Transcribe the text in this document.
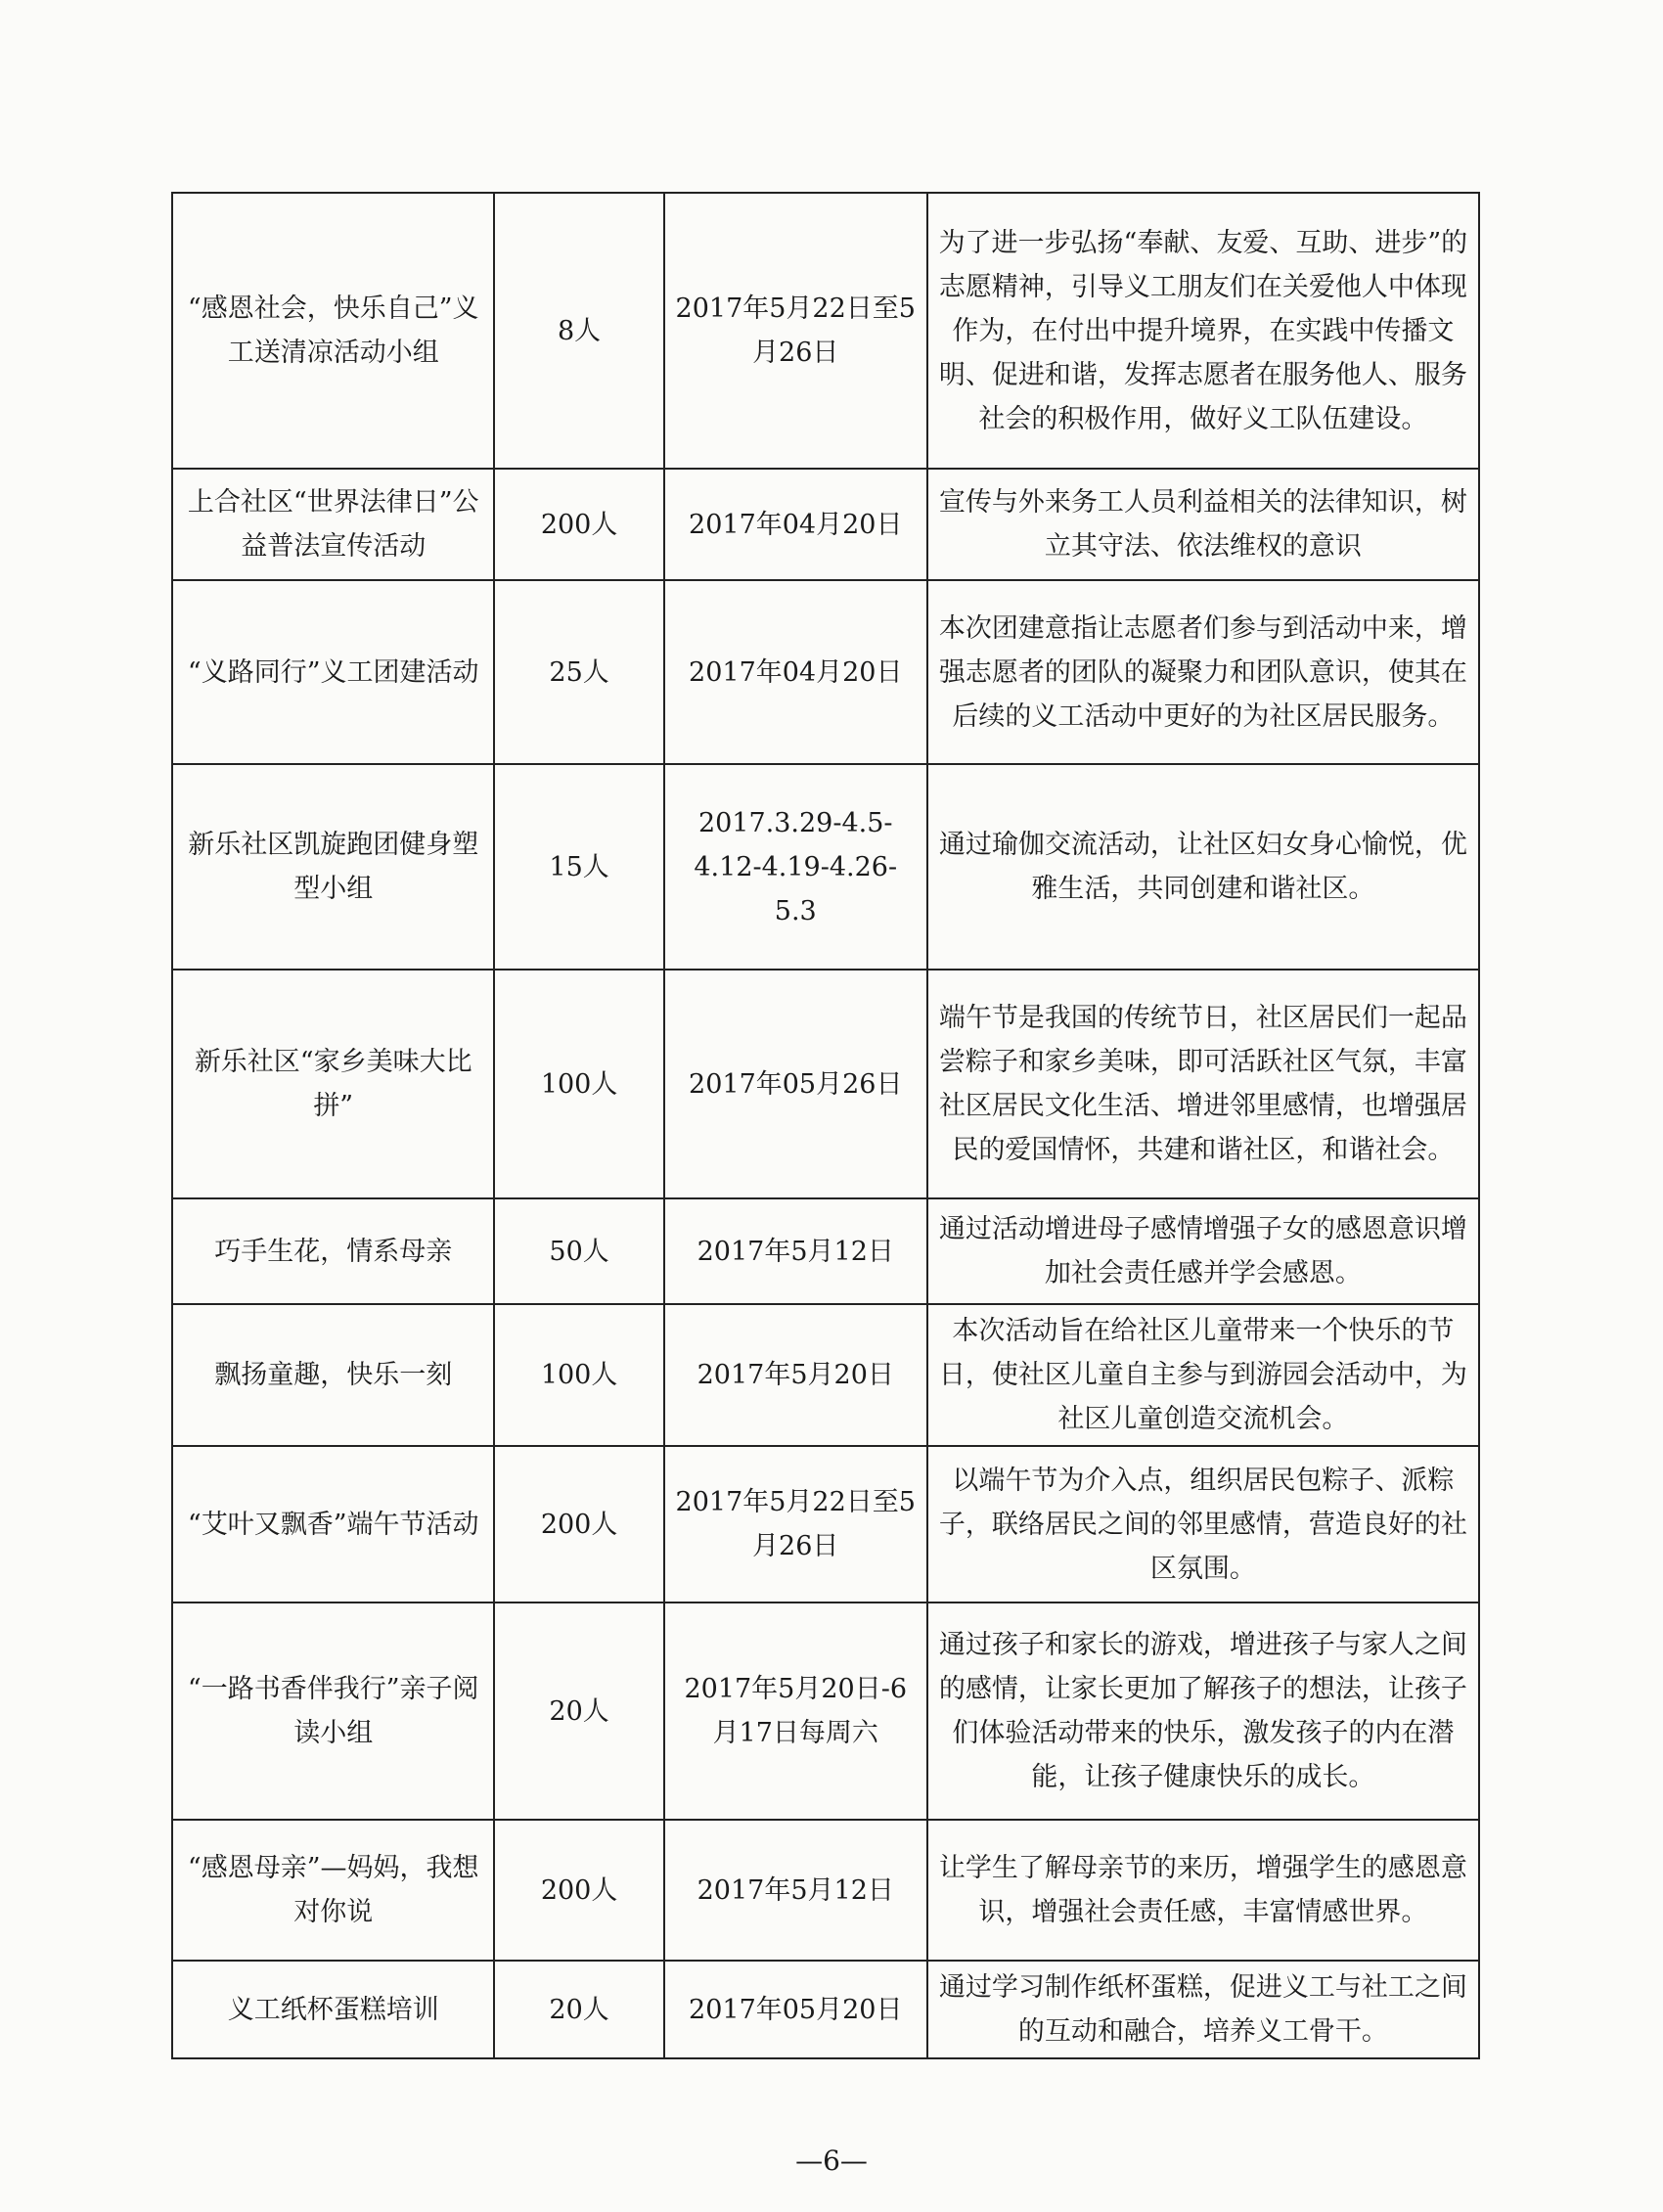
“感恩社会，快乐自己”义工送清凉活动小组	8人	2017年5月22日至5月26日	为了进一步弘扬“奉献、友爱、互助、进步”的志愿精神，引导义工朋友们在关爱他人中体现作为，在付出中提升境界，在实践中传播文明、促进和谐，发挥志愿者在服务他人、服务社会的积极作用，做好义工队伍建设。
上合社区“世界法律日”公益普法宣传活动	200人	2017年04月20日	宣传与外来务工人员利益相关的法律知识，树立其守法、依法维权的意识
“义路同行”义工团建活动	25人	2017年04月20日	本次团建意指让志愿者们参与到活动中来，增强志愿者的团队的凝聚力和团队意识，使其在后续的义工活动中更好的为社区居民服务。
新乐社区凯旋跑团健身塑型小组	15人	2017.3.29-4.5-4.12-4.19-4.26-5.3	通过瑜伽交流活动，让社区妇女身心愉悦，优雅生活，共同创建和谐社区。
新乐社区“家乡美味大比拼”	100人	2017年05月26日	端午节是我国的传统节日，社区居民们一起品尝粽子和家乡美味，即可活跃社区气氛，丰富社区居民文化生活、增进邻里感情，也增强居民的爱国情怀，共建和谐社区，和谐社会。
巧手生花，情系母亲	50人	2017年5月12日	通过活动增进母子感情增强子女的感恩意识增加社会责任感并学会感恩。
飘扬童趣，快乐一刻	100人	2017年5月20日	本次活动旨在给社区儿童带来一个快乐的节日，使社区儿童自主参与到游园会活动中，为社区儿童创造交流机会。
“艾叶又飘香”端午节活动	200人	2017年5月22日至5月26日	以端午节为介入点，组织居民包粽子、派粽子，联络居民之间的邻里感情，营造良好的社区氛围。
“一路书香伴我行”亲子阅读小组	20人	2017年5月20日-6月17日每周六	通过孩子和家长的游戏，增进孩子与家人之间的感情，让家长更加了解孩子的想法，让孩子们体验活动带来的快乐，激发孩子的内在潜能，让孩子健康快乐的成长。
“感恩母亲”—妈妈，我想对你说	200人	2017年5月12日	让学生了解母亲节的来历，增强学生的感恩意识，增强社会责任感，丰富情感世界。
义工纸杯蛋糕培训	20人	2017年05月20日	通过学习制作纸杯蛋糕，促进义工与社工之间的互动和融合，培养义工骨干。
—6—
